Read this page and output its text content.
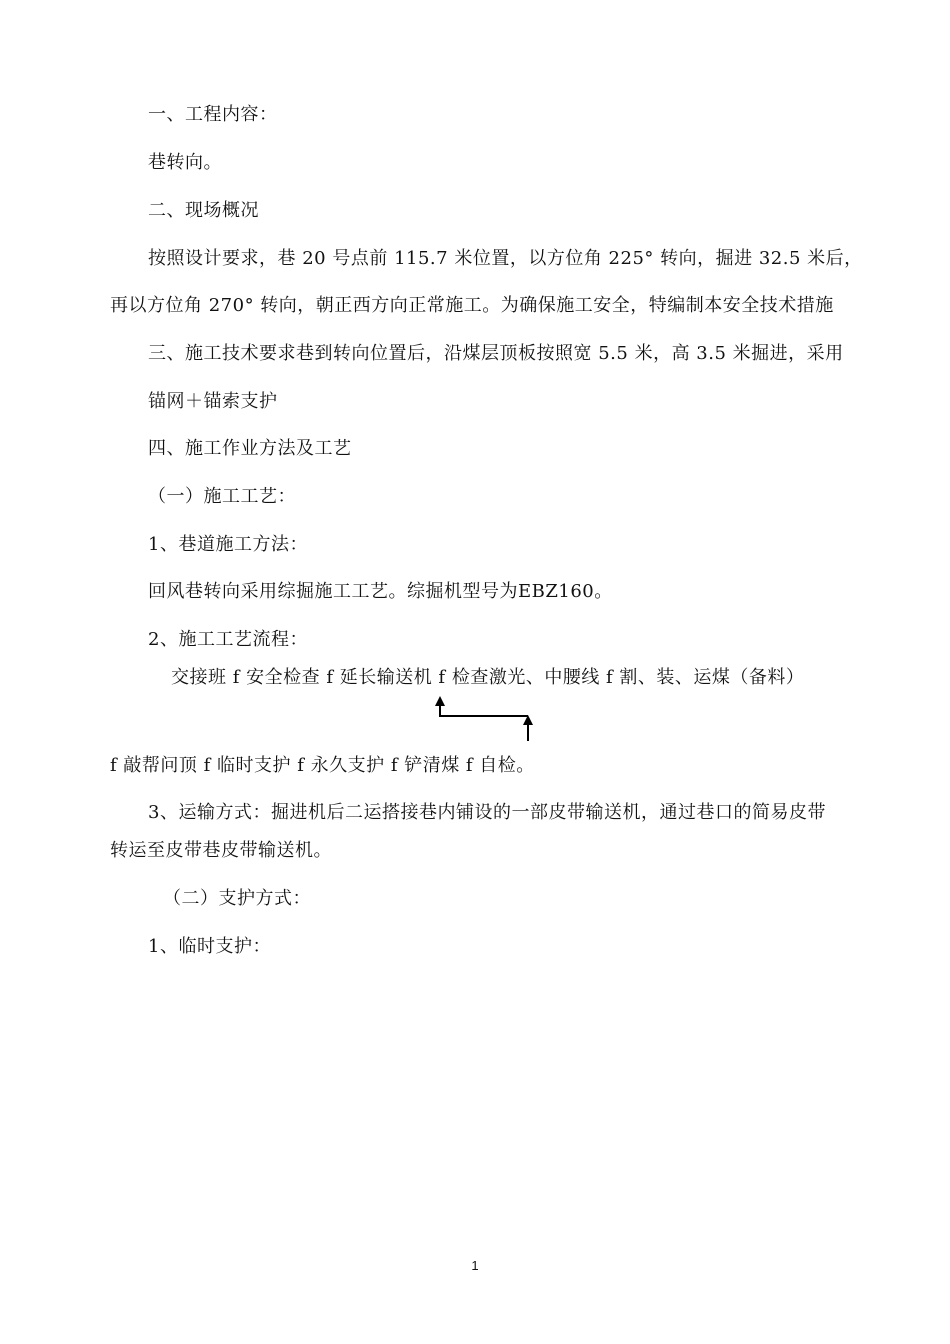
一、工程内容：
巷转向。
二、现场概况
按照设计要求，巷 20 号点前 115.7 米位置，以方位角 225° 转向，掘进 32.5 米后，
再以方位角 270° 转向，朝正西方向正常施工。为确保施工安全，特编制本安全技术措施
三、施工技术要求巷到转向位置后，沿煤层顶板按照宽 5.5 米，高 3.5 米掘进，采用
锚网＋锚索支护
四、施工作业方法及工艺
（一）施工工艺：
1、巷道施工方法：
回风巷转向采用综掘施工工艺。综掘机型号为EBZ160。
2、施工工艺流程：
交接班 f 安全检查 f 延长输送机 f 检查激光、中腰线 f 割、装、运煤（备料）
f 敲帮问顶 f 临时支护 f 永久支护 f 铲清煤 f 自检。
3、运输方式：掘进机后二运搭接巷内铺设的一部皮带输送机，通过巷口的简易皮带
转运至皮带巷皮带输送机。
（二）支护方式：
1、临时支护：
1
